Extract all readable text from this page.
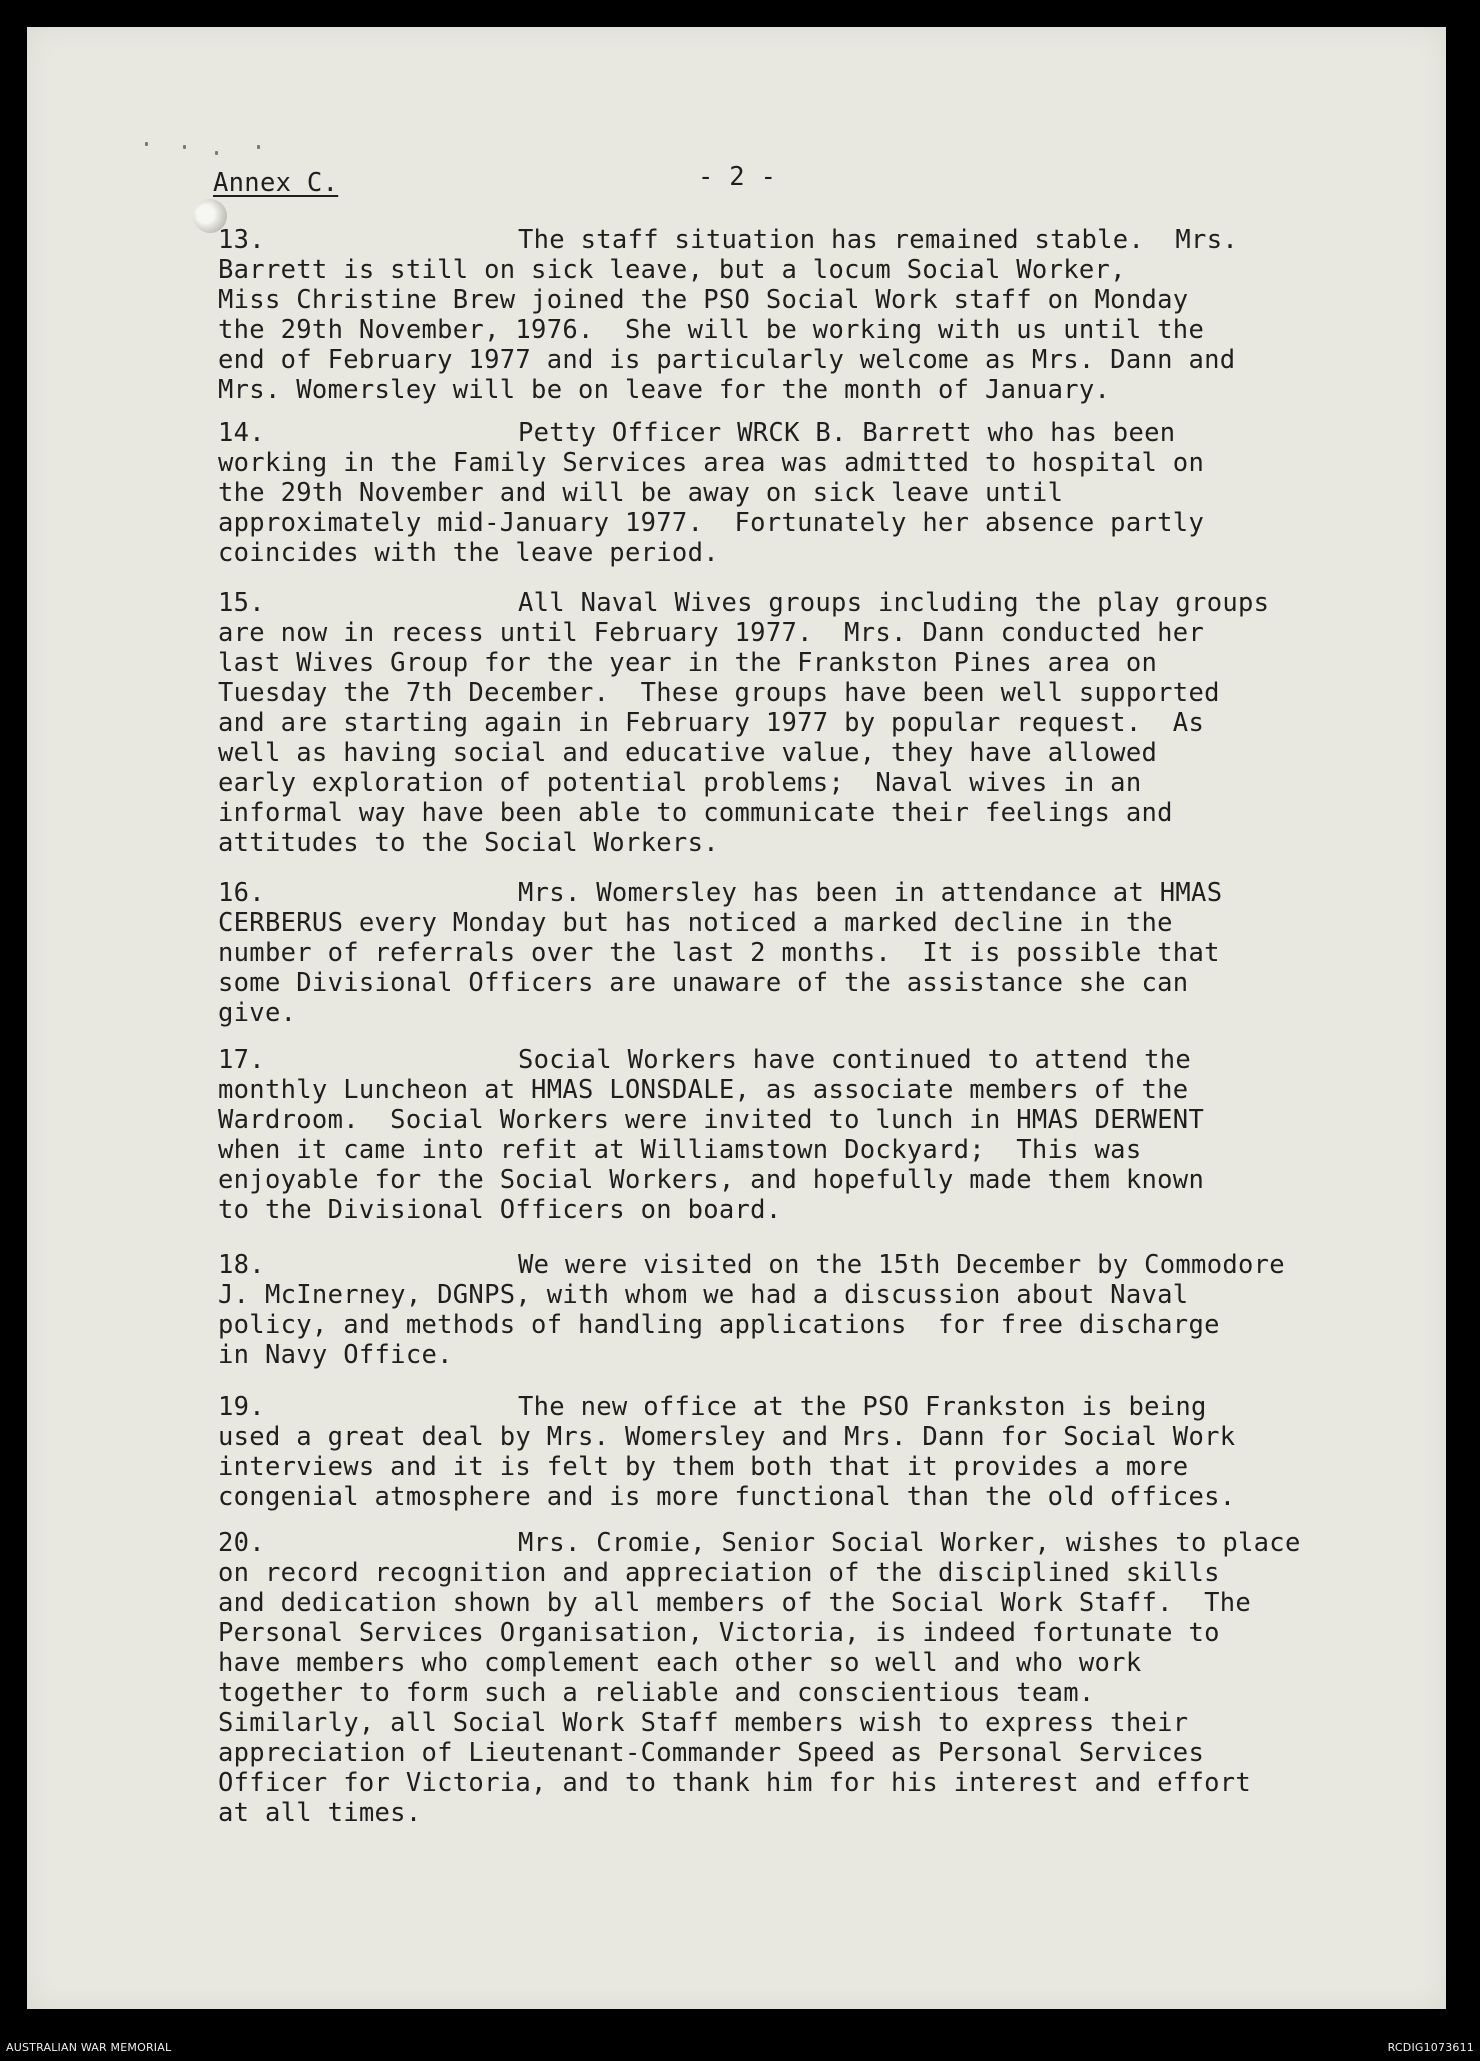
Annex C.	- 2 -
13.	The staff situation has remained stable.  Mrs.
Barrett is still on sick leave, but a locum Social Worker,
Miss Christine Brew joined the PSO Social Work staff on Monday
the 29th November, 1976.  She will be working with us until the
end of February 1977 and is particularly welcome as Mrs. Dann and
Mrs. Womersley will be on leave for the month of January.
14.	Petty Officer WRCK B. Barrett who has been
working in the Family Services area was admitted to hospital on
the 29th November and will be away on sick leave until
approximately mid-January 1977.  Fortunately her absence partly
coincides with the leave period.
15.	All Naval Wives groups including the play groups
are now in recess until February 1977.  Mrs. Dann conducted her
last Wives Group for the year in the Frankston Pines area on
Tuesday the 7th December.  These groups have been well supported
and are starting again in February 1977 by popular request.  As
well as having social and educative value, they have allowed
early exploration of potential problems;  Naval wives in an
informal way have been able to communicate their feelings and
attitudes to the Social Workers.
16.	Mrs. Womersley has been in attendance at HMAS
CERBERUS every Monday but has noticed a marked decline in the
number of referrals over the last 2 months.  It is possible that
some Divisional Officers are unaware of the assistance she can
give.
17.	Social Workers have continued to attend the
monthly Luncheon at HMAS LONSDALE, as associate members of the
Wardroom.  Social Workers were invited to lunch in HMAS DERWENT
when it came into refit at Williamstown Dockyard;  This was
enjoyable for the Social Workers, and hopefully made them known
to the Divisional Officers on board.
18.	We were visited on the 15th December by Commodore
J. McInerney, DGNPS, with whom we had a discussion about Naval
policy, and methods of handling applications  for free discharge
in Navy Office.
19.	The new office at the PSO Frankston is being
used a great deal by Mrs. Womersley and Mrs. Dann for Social Work
interviews and it is felt by them both that it provides a more
congenial atmosphere and is more functional than the old offices.
20.	Mrs. Cromie, Senior Social Worker, wishes to place
on record recognition and appreciation of the disciplined skills
and dedication shown by all members of the Social Work Staff.  The
Personal Services Organisation, Victoria, is indeed fortunate to
have members who complement each other so well and who work
together to form such a reliable and conscientious team.
Similarly, all Social Work Staff members wish to express their
appreciation of Lieutenant-Commander Speed as Personal Services
Officer for Victoria, and to thank him for his interest and effort
at all times.
AUSTRALIAN WAR MEMORIAL	RCDIG1073611
